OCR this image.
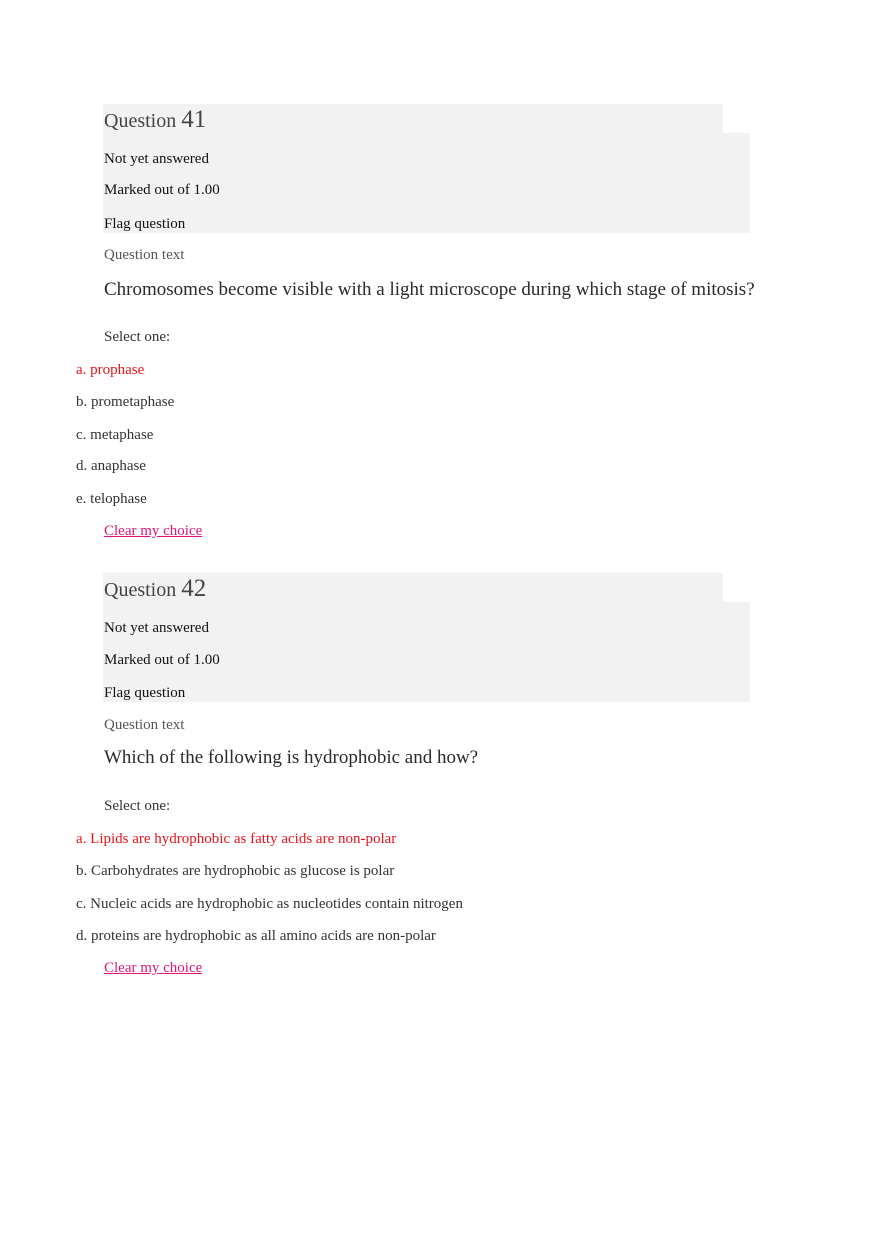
Question 41
Not yet answered
Marked out of 1.00
Flag question
Question text
Chromosomes become visible with a light microscope during which stage of mitosis?
Select one:
a. prophase
b. prometaphase
c. metaphase
d. anaphase
e. telophase
Clear my choice
Question 42
Not yet answered
Marked out of 1.00
Flag question
Question text
Which of the following is hydrophobic and how?
Select one:
a. Lipids are hydrophobic as fatty acids are non-polar
b. Carbohydrates are hydrophobic as glucose is polar
c. Nucleic acids are hydrophobic as nucleotides contain nitrogen
d. proteins are hydrophobic as all amino acids are non-polar
Clear my choice
